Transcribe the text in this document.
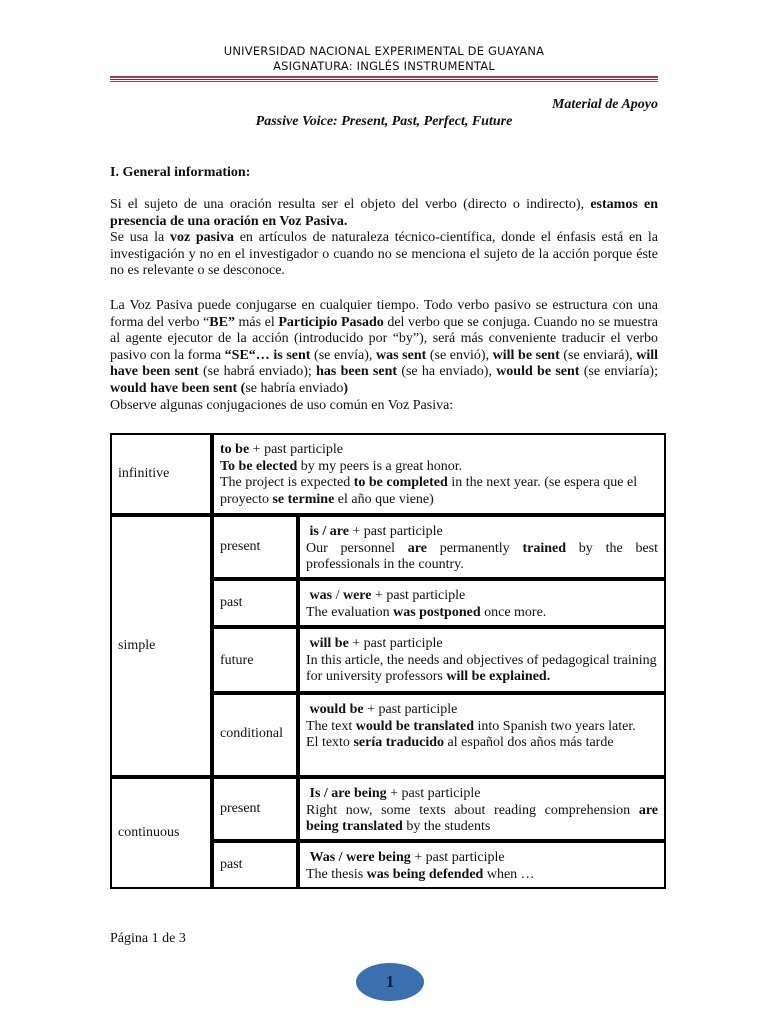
UNIVERSIDAD NACIONAL EXPERIMENTAL DE GUAYANA
ASIGNATURA: INGLÉS INSTRUMENTAL
Material de Apoyo
Passive Voice: Present, Past, Perfect, Future
I. General information:
Si el sujeto de una oración resulta ser el objeto del verbo (directo o indirecto), estamos en presencia de una oración en Voz Pasiva.
Se usa la voz pasiva en artículos de naturaleza técnico-científica, donde el énfasis está en la investigación y no en el investigador o cuando no se menciona el sujeto de la acción porque éste no es relevante o se desconoce.
La Voz Pasiva puede conjugarse en cualquier tiempo. Todo verbo pasivo se estructura con una forma del verbo “BE” más el Participio Pasado del verbo que se conjuga. Cuando no se muestra al agente ejecutor de la acción (introducido por “by”), será más conveniente traducir el verbo pasivo con la forma “SE“… is sent (se envía), was sent (se envió), will be sent (se enviará), will have been sent (se habrá enviado); has been sent (se ha enviado), would be sent (se enviaría); would have been sent (se habría enviado)
Observe algunas conjugaciones de uso común en Voz Pasiva:
infinitive
to be + past participle
To be elected by my peers is a great honor.
The project is expected to be completed in the next year. (se espera que el proyecto se termine el año que viene)
simple
present
is / are + past participle
Our personnel are permanently trained by the best professionals in the country.
past	was / were + past participle
The evaluation was postponed once more.
future
will be + past participle
In this article, the needs and objectives of pedagogical training for university professors will be explained.
conditional
would be + past participle
The text would be translated into Spanish two years later.
El texto sería traducido al español dos años más tarde
continuous
present
Is / are being + past participle
Right now, some texts about reading comprehension are being translated by the students
past	Was / were being + past participle
The thesis was being defended when …
Página 1 de 3
1
